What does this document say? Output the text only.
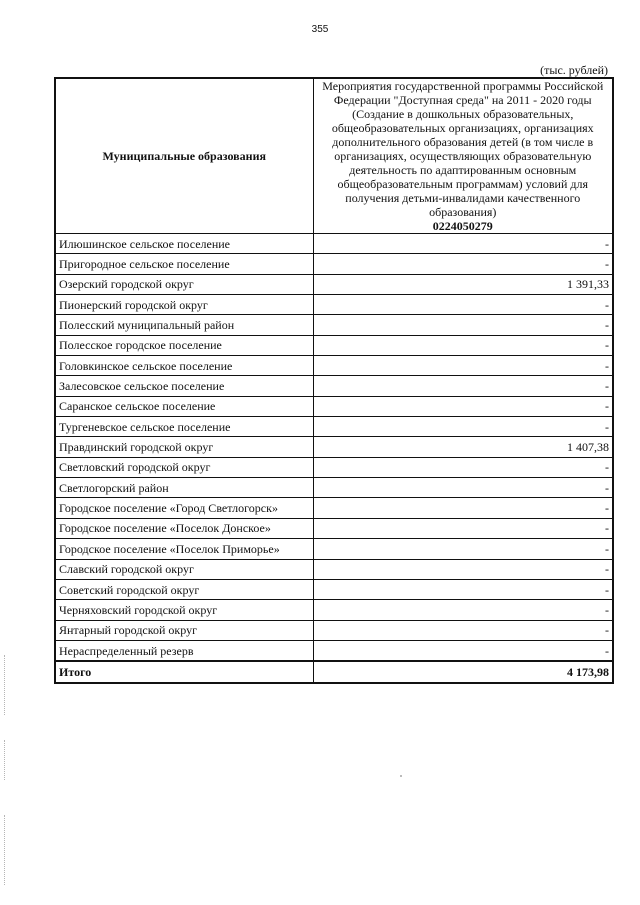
355
(тыс. рублей)
Муниципальные образования	Мероприятия государственной программы Российской Федерации "Доступная среда" на 2011 - 2020 годы (Создание в дошкольных образовательных, общеобразовательных организациях, организациях дополнительного образования детей (в том числе в организациях, осуществляющих образовательную деятельность по адаптированным основным общеобразовательным программам) условий для получения детьми-инвалидами качественного образования)
0224050279

Илюшинское сельское поселение	-
Пригородное сельское поселение	-
Озерский городской округ	1 391,33
Пионерский городской округ	-
Полесский муниципальный район	-
Полесское городское поселение	-
Головкинское сельское поселение	-
Залесовское сельское поселение	-
Саранское сельское поселение	-
Тургеневское сельское поселение	-
Правдинский городской округ	1 407,38
Светловский городской округ	-
Светлогорский район	-
Городское поселение «Город Светлогорск»	-
Городское поселение «Поселок Донское»	-
Городское поселение «Поселок Приморье»	-
Славский городской округ	-
Советский городской округ	-
Черняховский городской округ	-
Янтарный городской округ	-
Нераспределенный резерв	-
Итого	4 173,98
